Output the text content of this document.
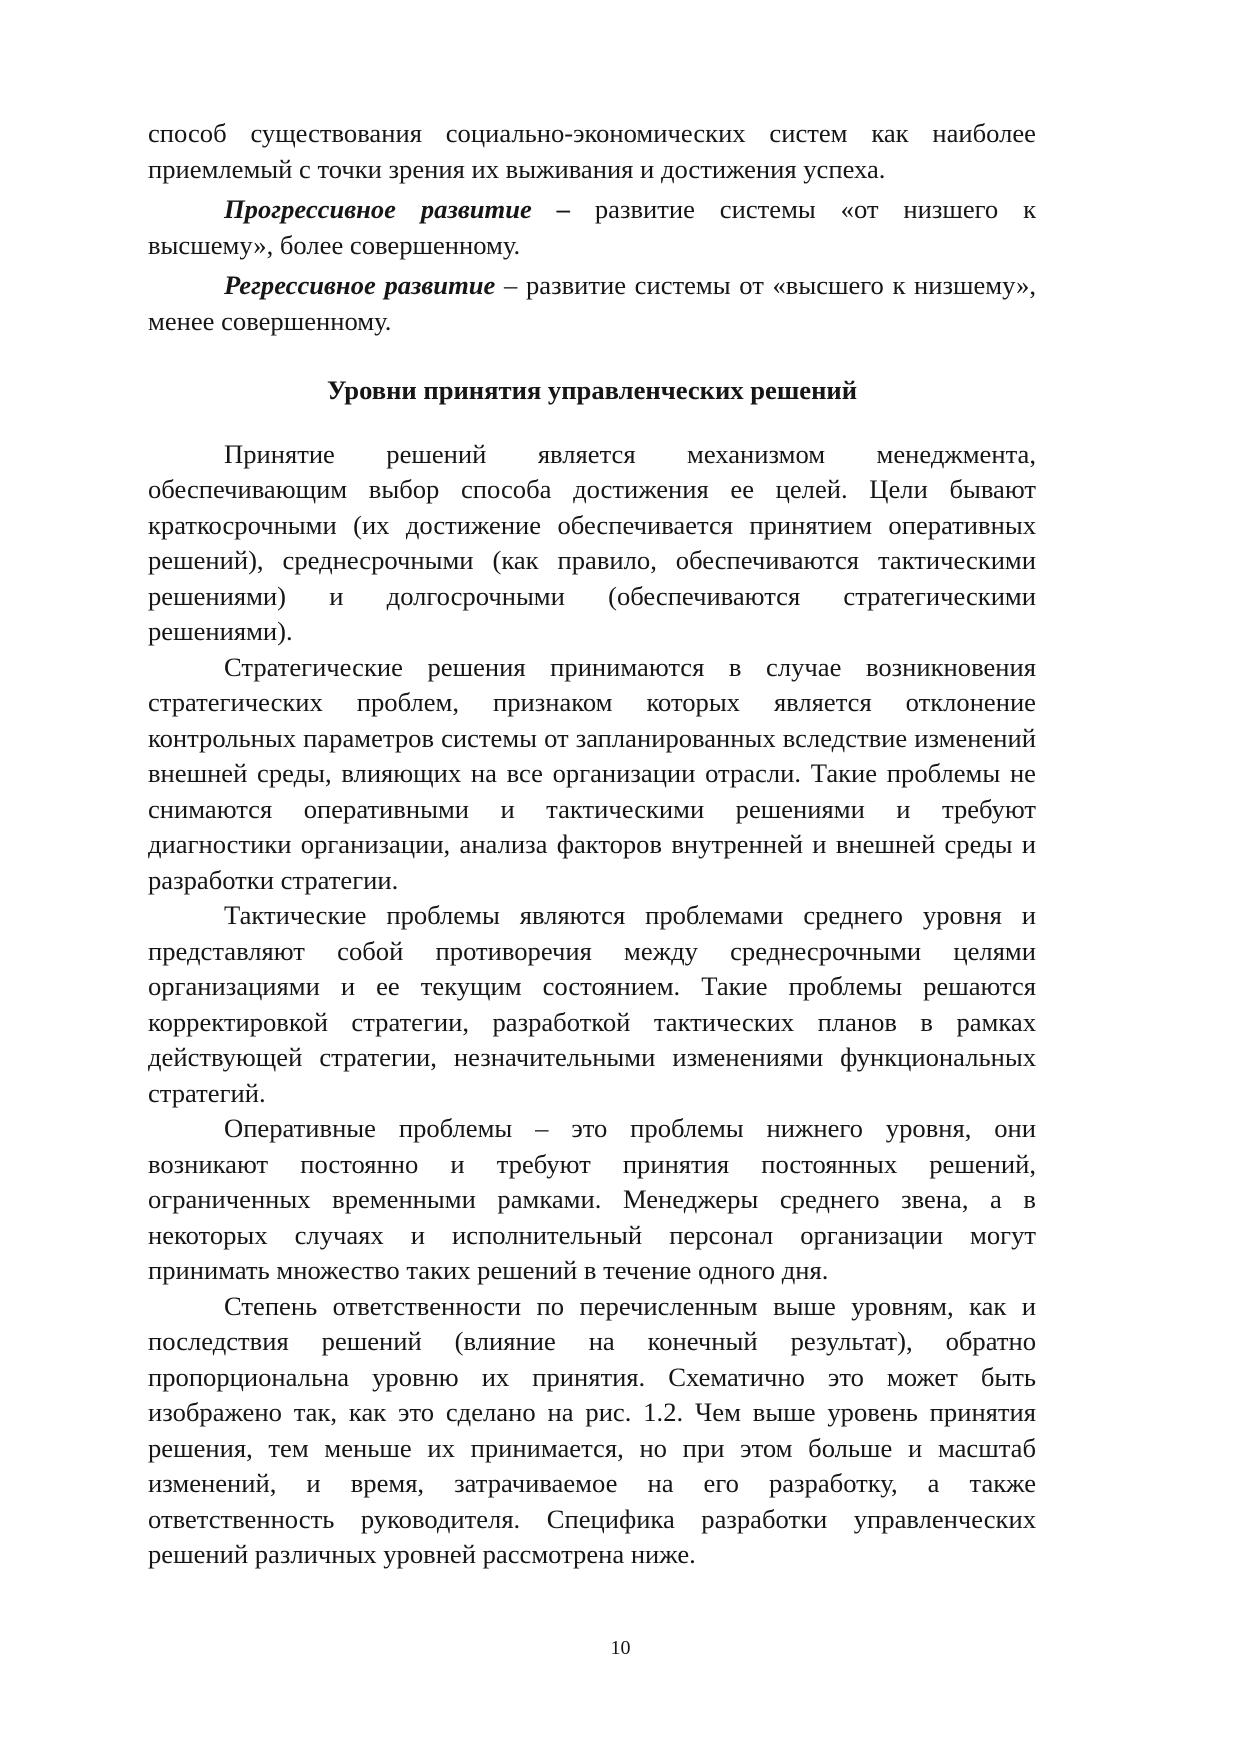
способ существования социально-экономических систем как наиболее приемлемый с точки зрения их выживания и достижения успеха.

Прогрессивное развитие – развитие системы «от низшего к высшему», более совершенному.

Регрессивное развитие – развитие системы от «высшего к низшему», менее совершенному.

Уровни принятия управленческих решений

Принятие решений является механизмом менеджмента, обеспечивающим выбор способа достижения ее целей. Цели бывают краткосрочными (их достижение обеспечивается принятием оперативных решений), среднесрочными (как правило, обеспечиваются тактическими решениями) и долгосрочными (обеспечиваются стратегическими решениями).

Стратегические решения принимаются в случае возникновения стратегических проблем, признаком которых является отклонение контрольных параметров системы от запланированных вследствие изменений внешней среды, влияющих на все организации отрасли. Такие проблемы не снимаются оперативными и тактическими решениями и требуют диагностики организации, анализа факторов внутренней и внешней среды и разработки стратегии.

Тактические проблемы являются проблемами среднего уровня и представляют собой противоречия между среднесрочными целями организациями и ее текущим состоянием. Такие проблемы решаются корректировкой стратегии, разработкой тактических планов в рамках действующей стратегии, незначительными изменениями функциональных стратегий.

Оперативные проблемы – это проблемы нижнего уровня, они возникают постоянно и требуют принятия постоянных решений, ограниченных временными рамками. Менеджеры среднего звена, а в некоторых случаях и исполнительный персонал организации могут принимать множество таких решений в течение одного дня.

Степень ответственности по перечисленным выше уровням, как и последствия решений (влияние на конечный результат), обратно пропорциональна уровню их принятия. Схематично это может быть изображено так, как это сделано на рис. 1.2. Чем выше уровень принятия решения, тем меньше их принимается, но при этом больше и масштаб изменений, и время, затрачиваемое на его разработку, а также ответственность руководителя. Специфика разработки управленческих решений различных уровней рассмотрена ниже.

10
